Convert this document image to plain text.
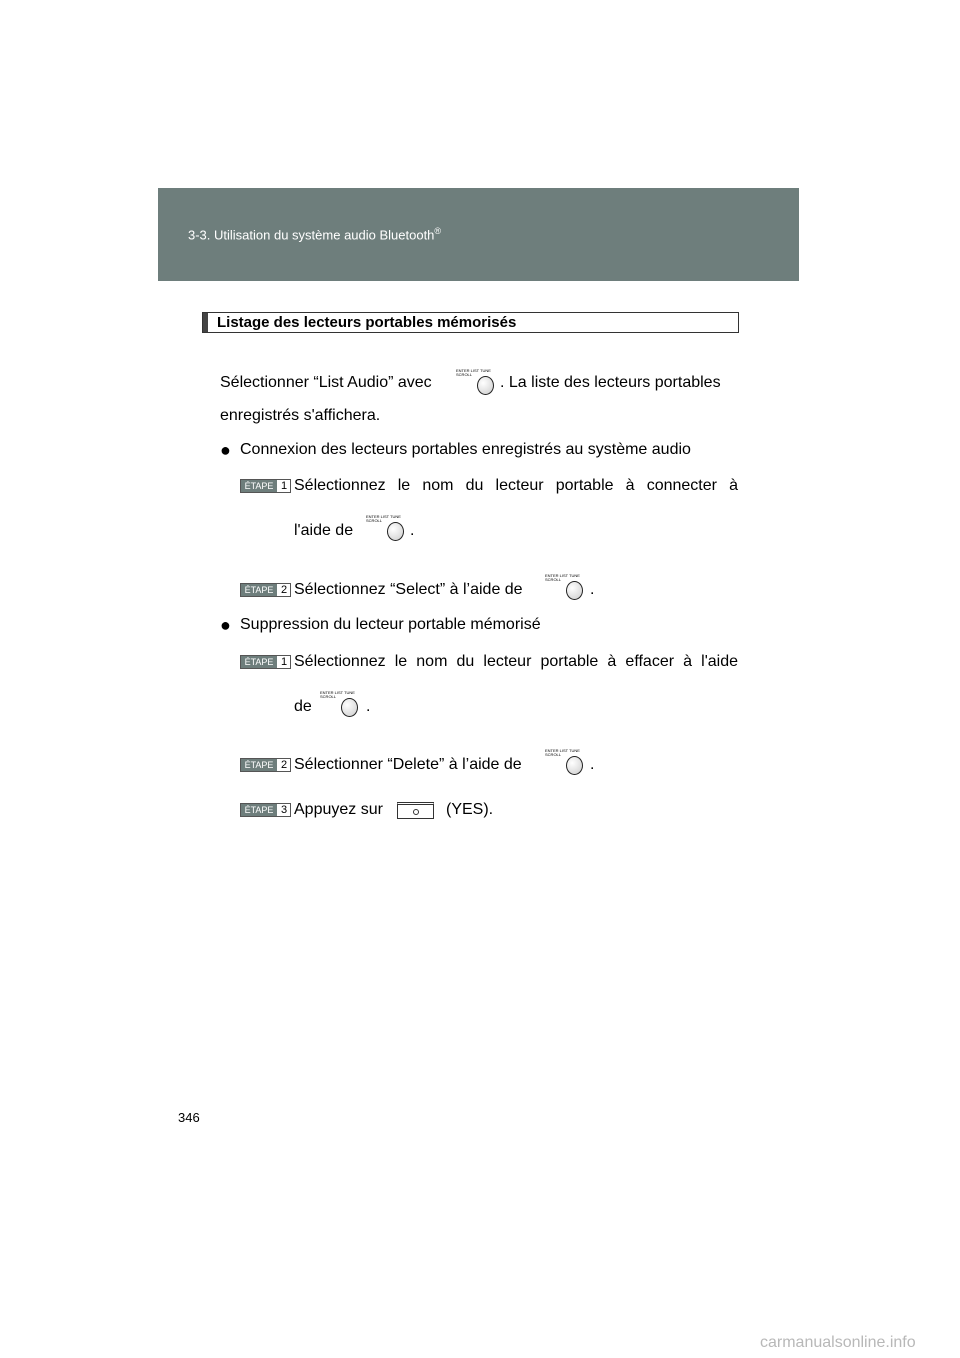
3-3. Utilisation du système audio Bluetooth®
Listage des lecteurs portables mémorisés
Sélectionner “List Audio” avec
ENTER LIST TUNE SCROLL	. La liste des lecteurs portables
enregistrés s'affichera.
● Connexion des lecteurs portables enregistrés au système audio
ÉTAPE 1 Sélectionnez le nom du lecteur portable à connecter à
l'aide de
ENTER LIST TUNE SCROLL
.
ÉTAPE 2 Sélectionnez “Select” à l’aide de
ENTER LIST TUNE SCROLL
.
● Suppression du lecteur portable mémorisé
ÉTAPE 1 Sélectionnez le nom du lecteur portable à effacer à l'aide
de
ENTER LIST TUNE SCROLL
.
ÉTAPE 2 Sélectionner “Delete” à l’aide de
ENTER LIST TUNE SCROLL
.
ÉTAPE 3 Appuyez sur	(YES).
346
carmanualsonline.info
